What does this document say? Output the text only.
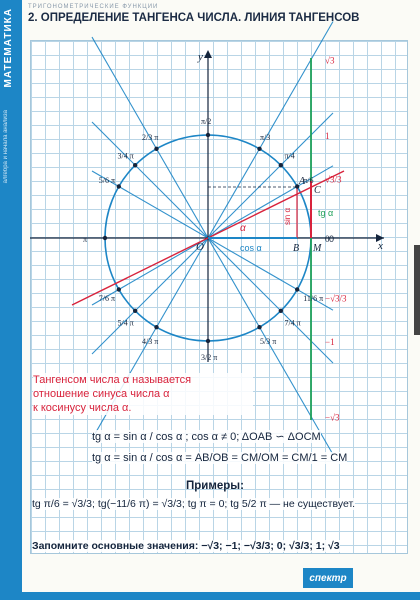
МАТЕМАТИКА
алгебра и начала анализа
ТРИГОНОМЕТРИЧЕСКИЕ ФУНКЦИИ
2. ОПРЕДЕЛЕНИЕ ТАНГЕНСА ЧИСЛА. ЛИНИЯ ТАНГЕНСОВ
π/2
π/3
π/4
π/6
2/3 π
3/4 π
5/6 π
π
7/6 π
5/4 π
4/3 π
3/2 π
5/3 π
7/4 π
11/6 π
0
√3
1
√3/3
0
−√3/3
−1
−√3
x
y
O
A
B
C
M
α
cos α
sin α	tg α
Тангенсом числа α называется
отношение синуса числа α
к косинусу числа α.
tg α = sin α / cos α ; cos α ≠ 0; ΔOAB ∽ ΔOCM
tg α = sin α / cos α = AB/OB = CM/OM = CM/1 = CM
Примеры:
tg π/6 = √3/3; tg(−11/6 π) = √3/3; tg π = 0; tg 5/2 π — не существует.
Запомните основные значения: −√3; −1; −√3/3; 0; √3/3; 1; √3
спектр
